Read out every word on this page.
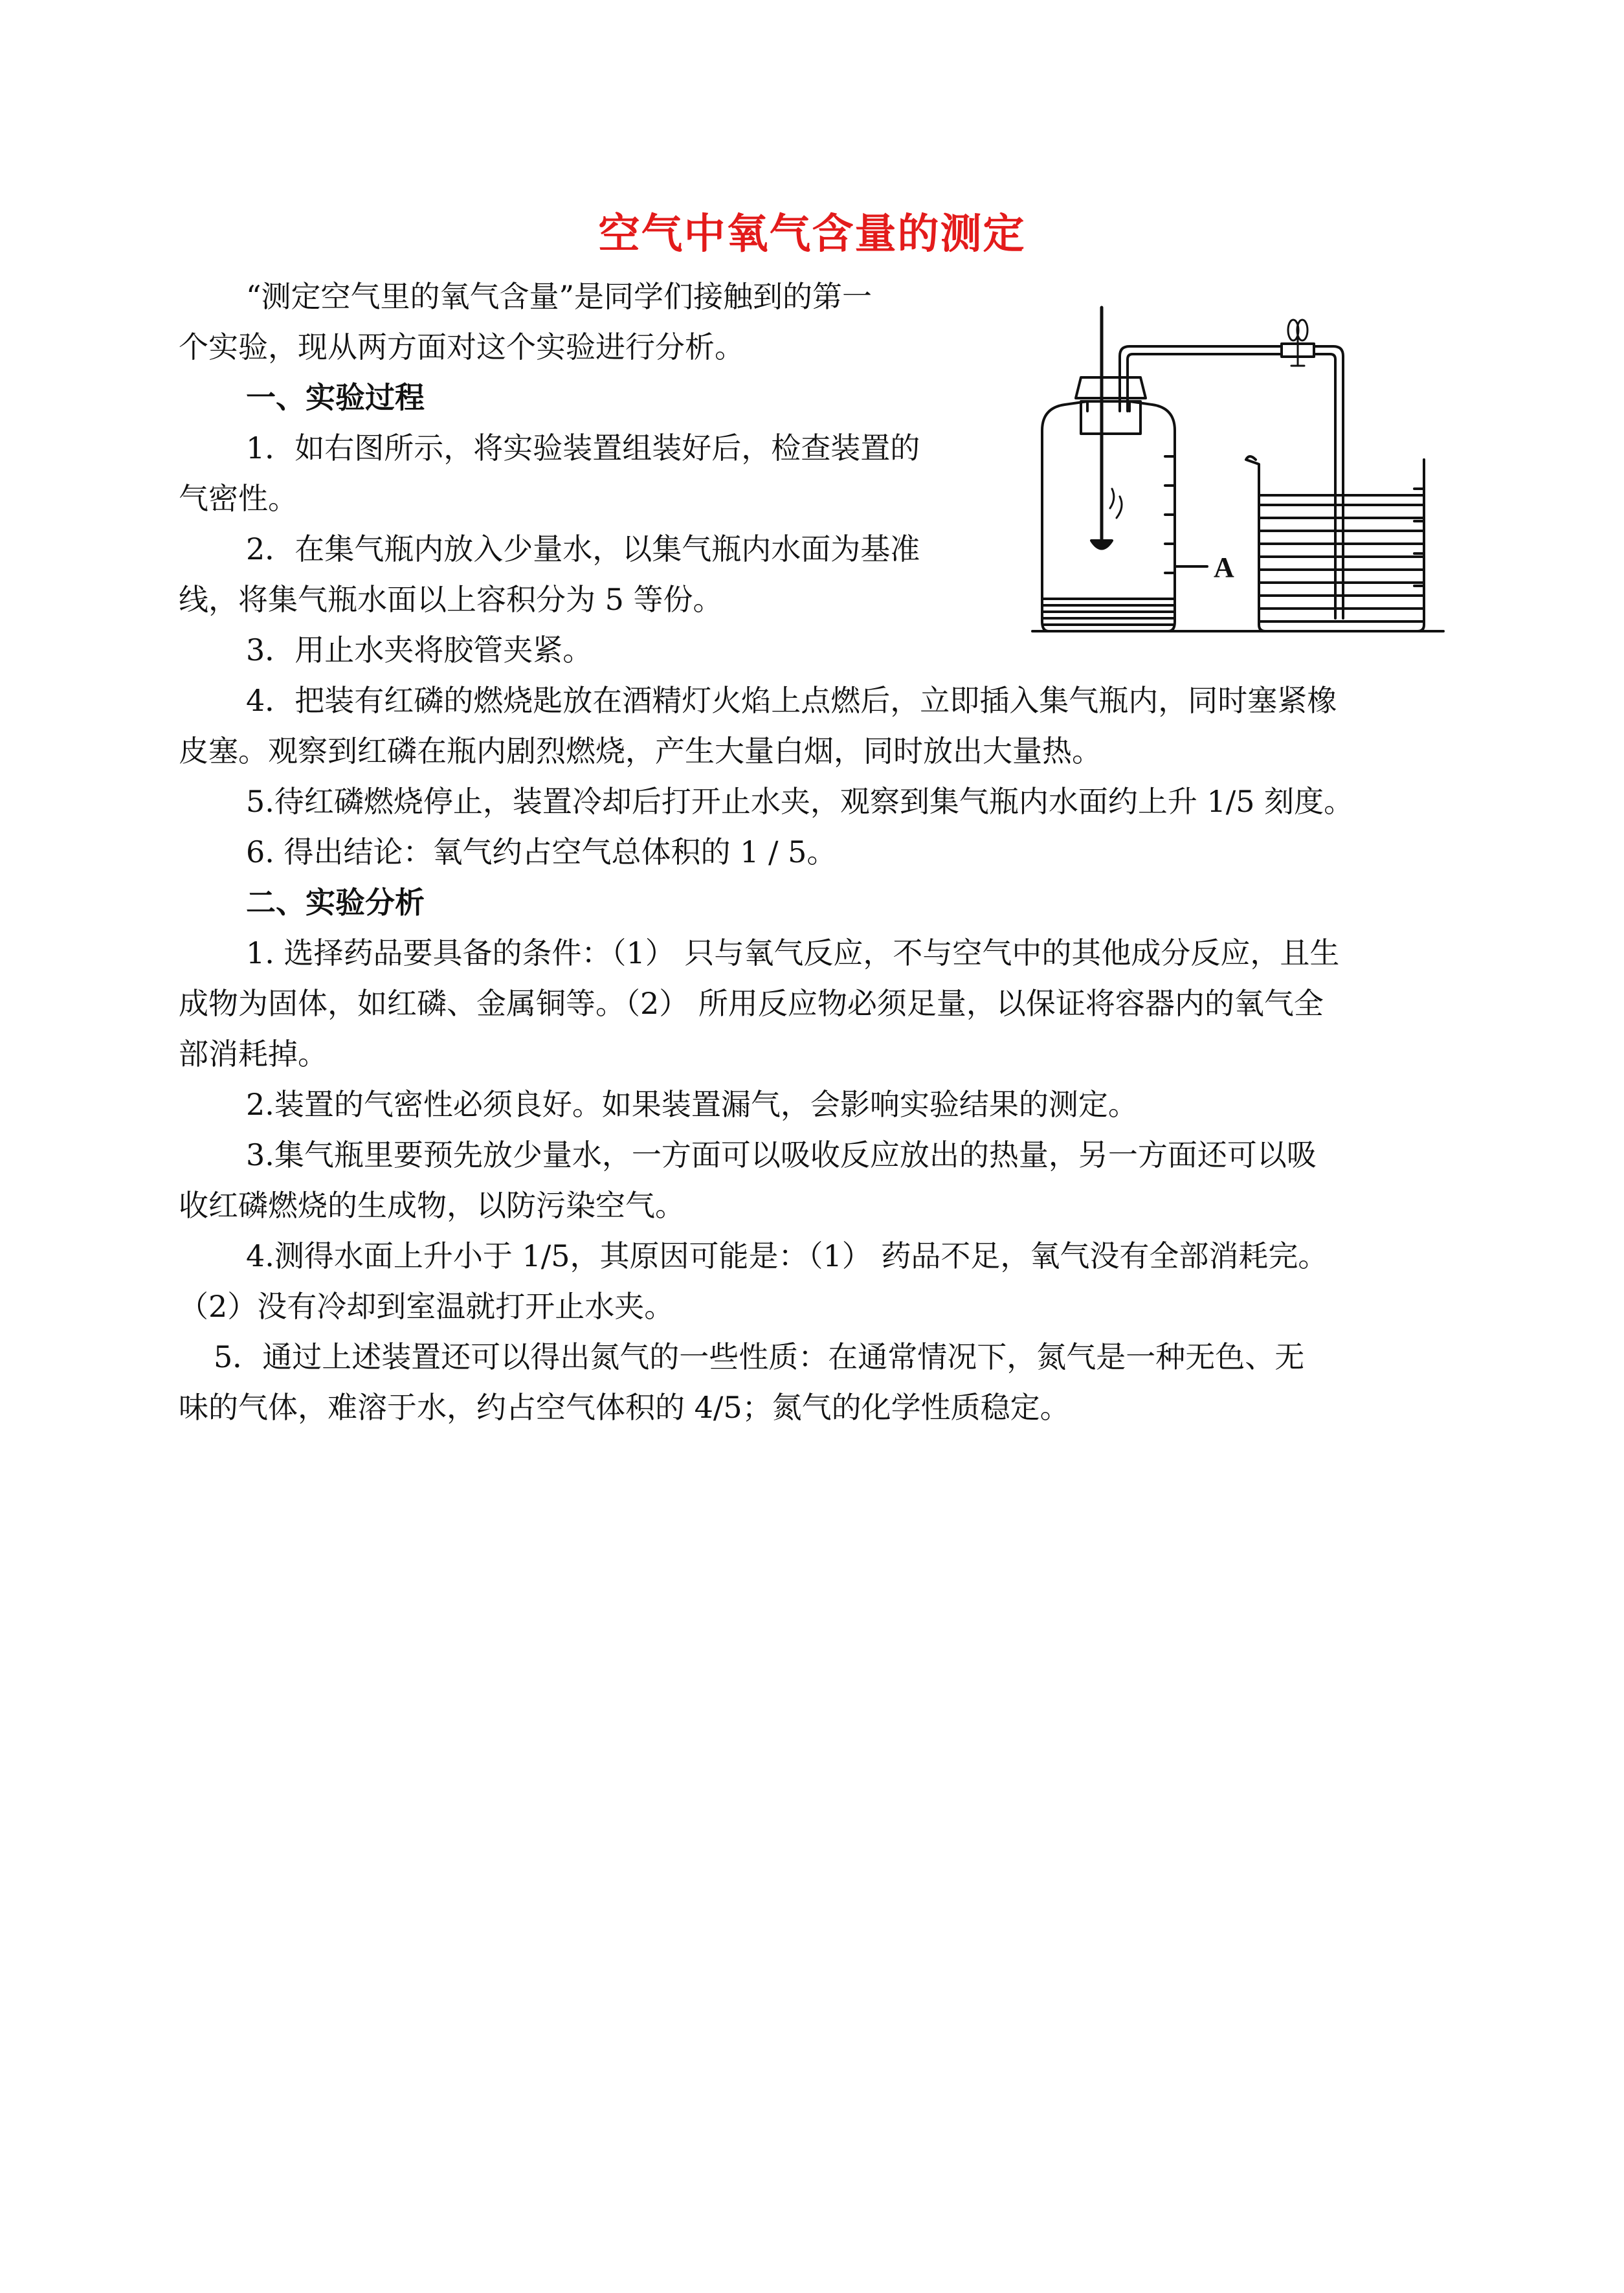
空气中氧气含量的测定
“测定空气里的氧气含量”是同学们接触到的第一
个实验，现从两方面对这个实验进行分析。
一、实验过程
1．如右图所示，将实验装置组装好后，检查装置的
气密性。
2．在集气瓶内放入少量水，以集气瓶内水面为基准
线，将集气瓶水面以上容积分为 5 等份。
3．用止水夹将胶管夹紧。
4．把装有红磷的燃烧匙放在酒精灯火焰上点燃后，立即插入集气瓶内，同时塞紧橡
皮塞。观察到红磷在瓶内剧烈燃烧，产生大量白烟，同时放出大量热。
5.待红磷燃烧停止，装置冷却后打开止水夹，观察到集气瓶内水面约上升 1/5 刻度。
6. 得出结论：氧气约占空气总体积的 1 / 5。
二、实验分析
1. 选择药品要具备的条件：（1） 只与氧气反应，不与空气中的其他成分反应，且生
成物为固体，如红磷、金属铜等。（2） 所用反应物必须足量，以保证将容器内的氧气全
部消耗掉。
2.装置的气密性必须良好。如果装置漏气，会影响实验结果的测定。
3.集气瓶里要预先放少量水，一方面可以吸收反应放出的热量，另一方面还可以吸
收红磷燃烧的生成物，以防污染空气。
4.测得水面上升小于 1/5，其原因可能是：（1） 药品不足，氧气没有全部消耗完。
（2）没有冷却到室温就打开止水夹。
5．通过上述装置还可以得出氮气的一些性质：在通常情况下，氮气是一种无色、无
味的气体，难溶于水，约占空气体积的 4/5；氮气的化学性质稳定。
A
